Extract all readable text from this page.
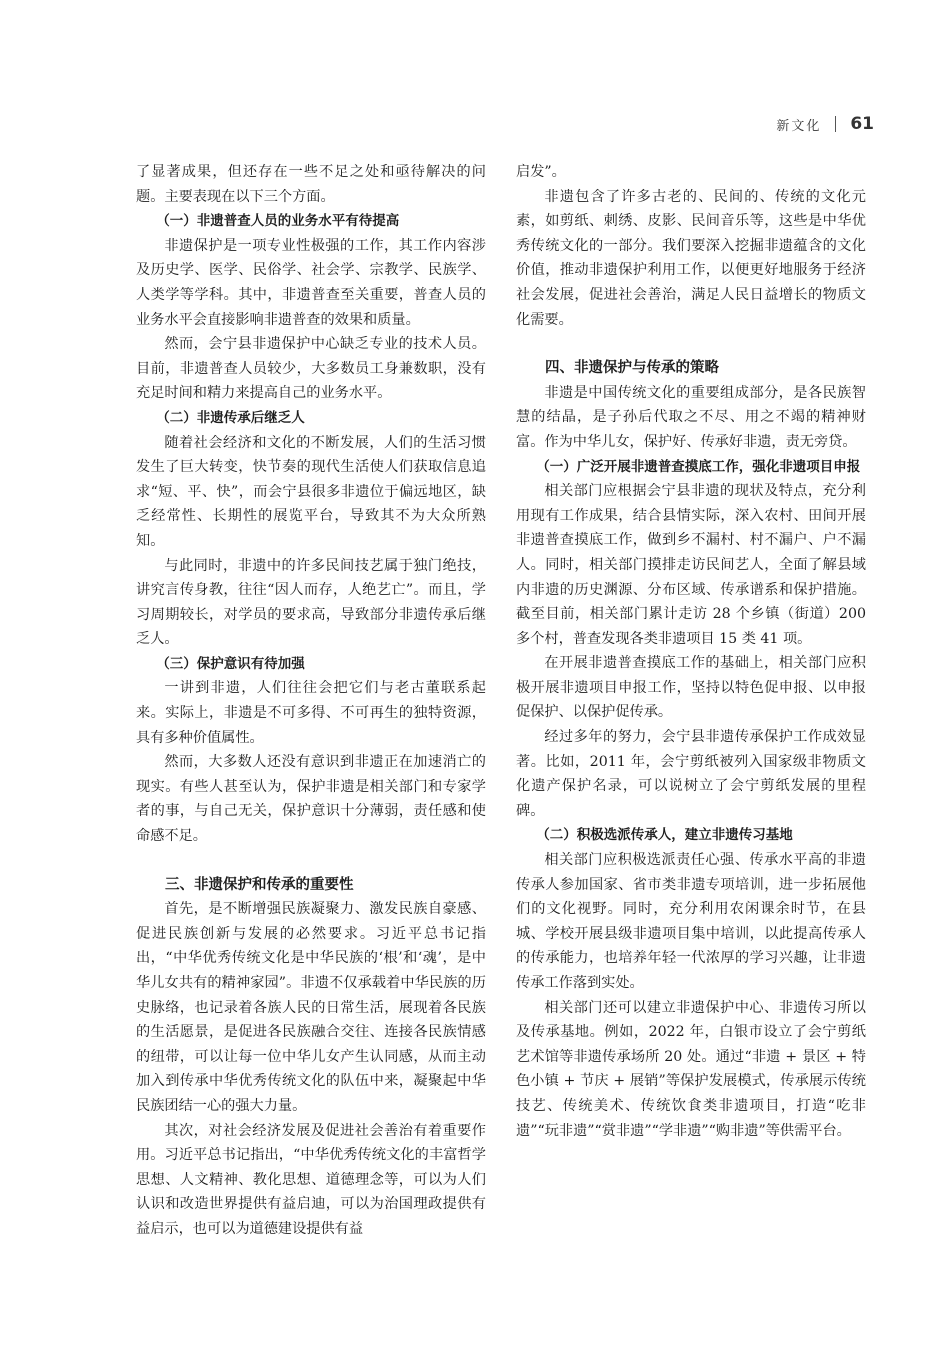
新文化 61

了显著成果，但还存在一些不足之处和亟待解决的问题。主要表现在以下三个方面。

（一）非遗普查人员的业务水平有待提高

非遗保护是一项专业性极强的工作，其工作内容涉及历史学、医学、民俗学、社会学、宗教学、民族学、人类学等学科。其中，非遗普查至关重要，普查人员的业务水平会直接影响非遗普查的效果和质量。

然而，会宁县非遗保护中心缺乏专业的技术人员。目前，非遗普查人员较少，大多数员工身兼数职，没有充足时间和精力来提高自己的业务水平。

（二）非遗传承后继乏人

随着社会经济和文化的不断发展，人们的生活习惯发生了巨大转变，快节奏的现代生活使人们获取信息追求“短、平、快”，而会宁县很多非遗位于偏远地区，缺乏经常性、长期性的展览平台，导致其不为大众所熟知。

与此同时，非遗中的许多民间技艺属于独门绝技，讲究言传身教，往往“因人而存，人绝艺亡”。而且，学习周期较长，对学员的要求高，导致部分非遗传承后继乏人。

（三）保护意识有待加强

一讲到非遗，人们往往会把它们与老古董联系起来。实际上，非遗是不可多得、不可再生的独特资源，具有多种价值属性。

然而，大多数人还没有意识到非遗正在加速消亡的现实。有些人甚至认为，保护非遗是相关部门和专家学者的事，与自己无关，保护意识十分薄弱，责任感和使命感不足。

三、非遗保护和传承的重要性

首先，是不断增强民族凝聚力、激发民族自豪感、促进民族创新与发展的必然要求。习近平总书记指出，“中华优秀传统文化是中华民族的‘根’和‘魂’，是中华儿女共有的精神家园”。非遗不仅承载着中华民族的历史脉络，也记录着各族人民的日常生活，展现着各民族的生活愿景，是促进各民族融合交往、连接各民族情感的纽带，可以让每一位中华儿女产生认同感，从而主动加入到传承中华优秀传统文化的队伍中来，凝聚起中华民族团结一心的强大力量。

其次，对社会经济发展及促进社会善治有着重要作用。习近平总书记指出，“中华优秀传统文化的丰富哲学思想、人文精神、教化思想、道德理念等，可以为人们认识和改造世界提供有益启迪，可以为治国理政提供有益启示，也可以为道德建设提供有益

启发”。

非遗包含了许多古老的、民间的、传统的文化元素，如剪纸、刺绣、皮影、民间音乐等，这些是中华优秀传统文化的一部分。我们要深入挖掘非遗蕴含的文化价值，推动非遗保护利用工作，以便更好地服务于经济社会发展，促进社会善治，满足人民日益增长的物质文化需要。

四、非遗保护与传承的策略

非遗是中国传统文化的重要组成部分，是各民族智慧的结晶，是子孙后代取之不尽、用之不竭的精神财富。作为中华儿女，保护好、传承好非遗，责无旁贷。

（一）广泛开展非遗普查摸底工作，强化非遗项目申报

相关部门应根据会宁县非遗的现状及特点，充分利用现有工作成果，结合县情实际，深入农村、田间开展非遗普查摸底工作，做到乡不漏村、村不漏户、户不漏人。同时，相关部门摸排走访民间艺人，全面了解县域内非遗的历史渊源、分布区域、传承谱系和保护措施。截至目前，相关部门累计走访 28 个乡镇（街道）200 多个村，普查发现各类非遗项目 15 类 41 项。

在开展非遗普查摸底工作的基础上，相关部门应积极开展非遗项目申报工作，坚持以特色促申报、以申报促保护、以保护促传承。

经过多年的努力，会宁县非遗传承保护工作成效显著。比如，2011 年，会宁剪纸被列入国家级非物质文化遗产保护名录，可以说树立了会宁剪纸发展的里程碑。

（二）积极选派传承人，建立非遗传习基地

相关部门应积极选派责任心强、传承水平高的非遗传承人参加国家、省市类非遗专项培训，进一步拓展他们的文化视野。同时，充分利用农闲课余时节，在县城、学校开展县级非遗项目集中培训，以此提高传承人的传承能力，也培养年轻一代浓厚的学习兴趣，让非遗传承工作落到实处。

相关部门还可以建立非遗保护中心、非遗传习所以及传承基地。例如，2022 年，白银市设立了会宁剪纸艺术馆等非遗传承场所 20 处。通过“非遗 + 景区 + 特色小镇 + 节庆 + 展销”等保护发展模式，传承展示传统技艺、传统美术、传统饮食类非遗项目，打造“吃非遗”“玩非遗”“赏非遗”“学非遗”“购非遗”等供需平台。
